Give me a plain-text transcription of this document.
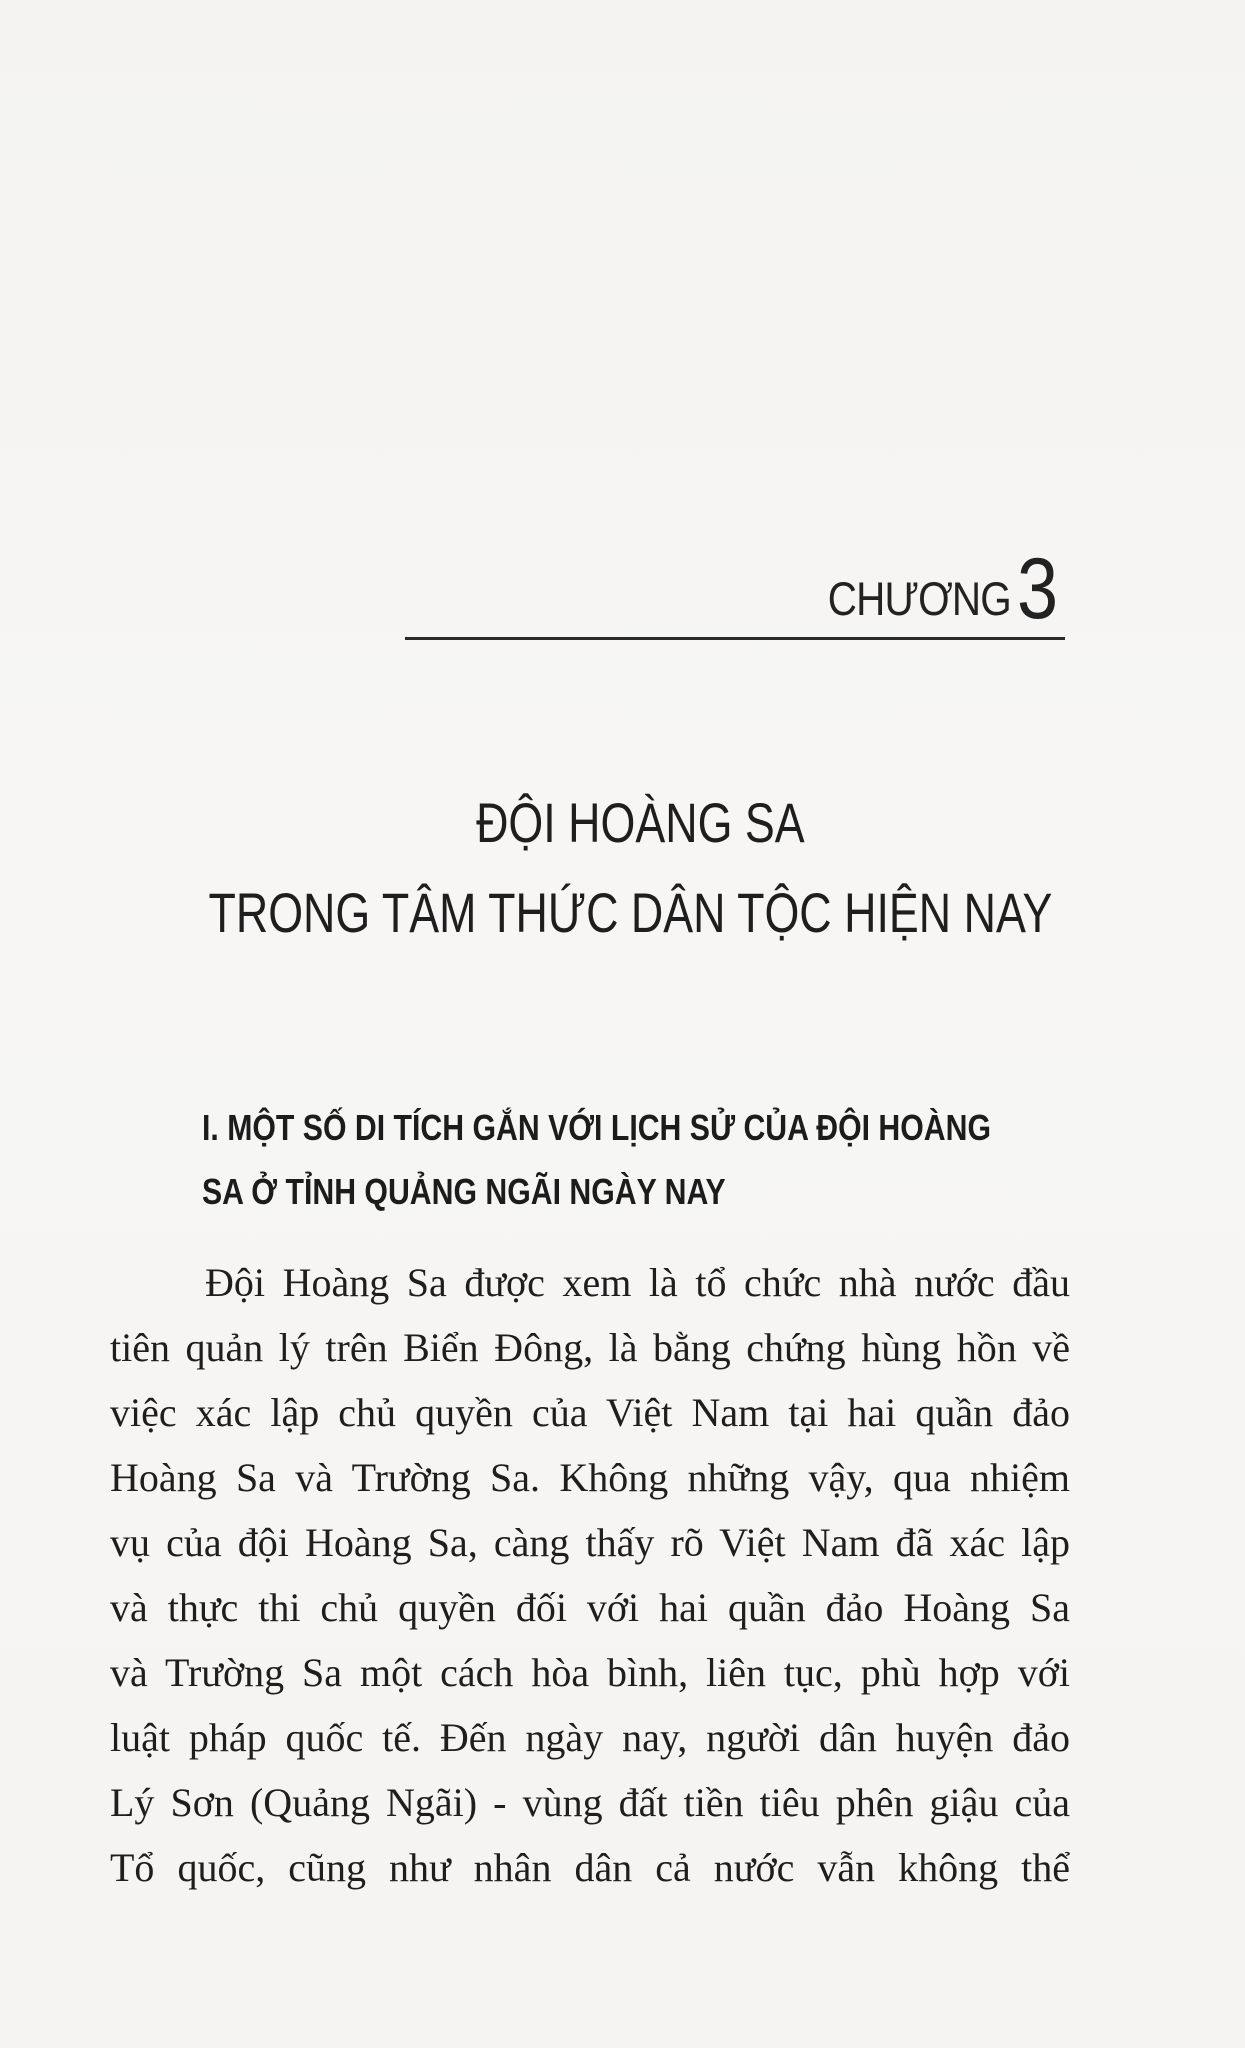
CHƯƠNG 3
ĐỘI HOÀNG SA
TRONG TÂM THỨC DÂN TỘC HIỆN NAY
I. MỘT SỐ DI TÍCH GẮN VỚI LỊCH SỬ CỦA ĐỘI HOÀNG
SA Ở TỈNH QUẢNG NGÃI NGÀY NAY
Đội Hoàng Sa được xem là tổ chức nhà nước đầu
tiên quản lý trên Biển Đông, là bằng chứng hùng hồn về
việc xác lập chủ quyền của Việt Nam tại hai quần đảo
Hoàng Sa và Trường Sa. Không những vậy, qua nhiệm
vụ của đội Hoàng Sa, càng thấy rõ Việt Nam đã xác lập
và thực thi chủ quyền đối với hai quần đảo Hoàng Sa
và Trường Sa một cách hòa bình, liên tục, phù hợp với
luật pháp quốc tế. Đến ngày nay, người dân huyện đảo
Lý Sơn (Quảng Ngãi) - vùng đất tiền tiêu phên giậu của
Tổ quốc, cũng như nhân dân cả nước vẫn không thể
